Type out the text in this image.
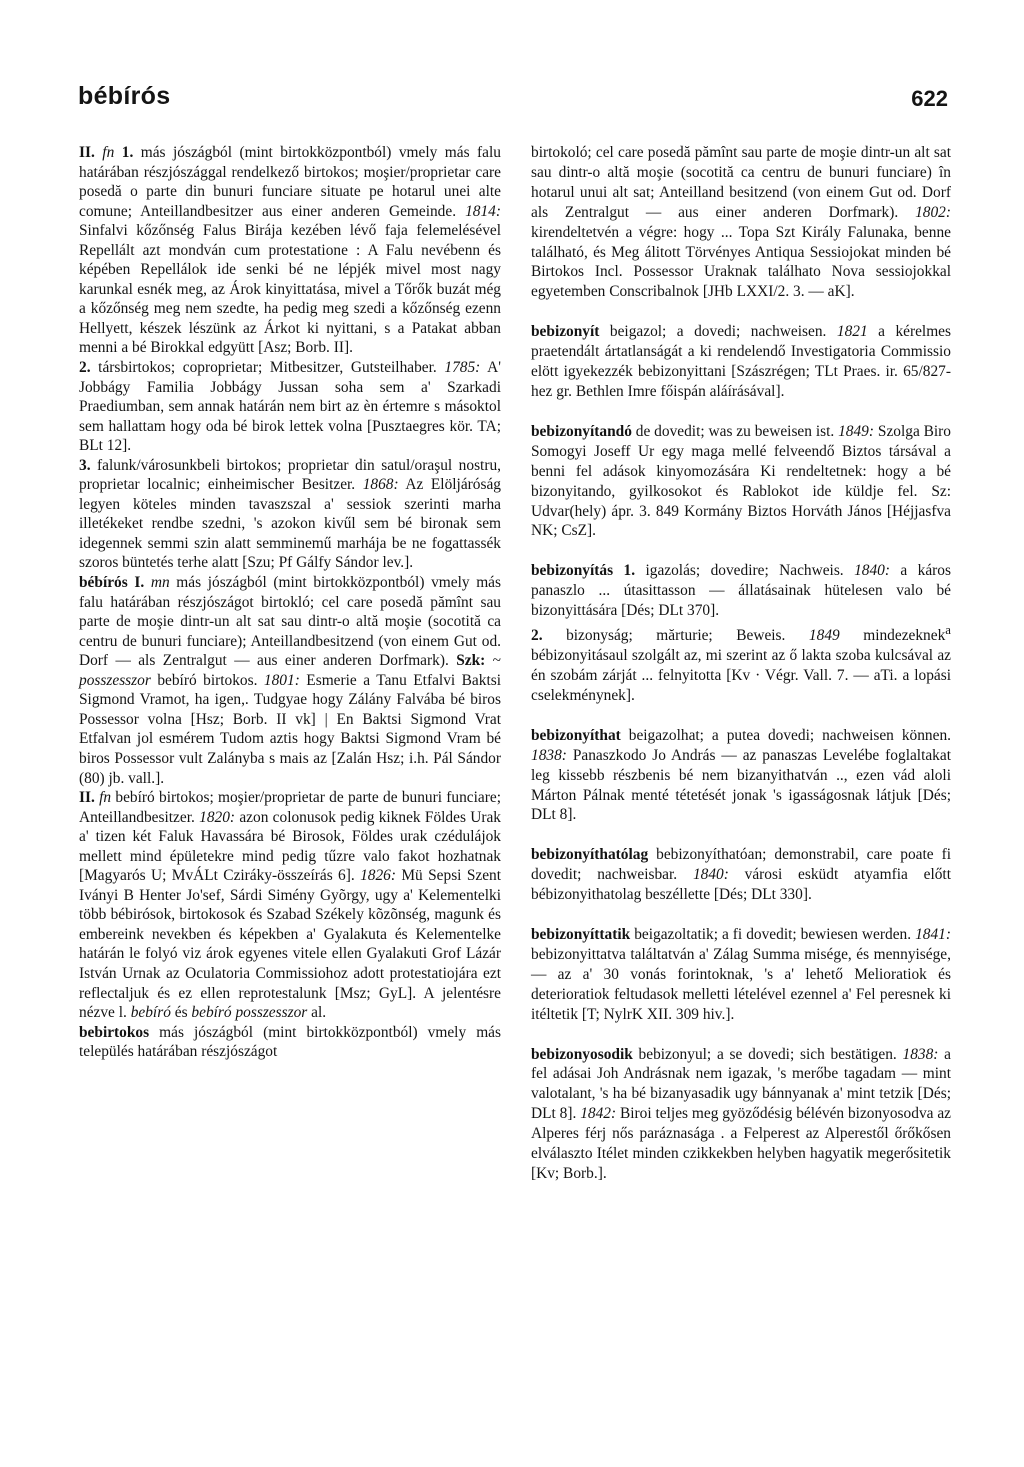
bébírós	622

II. fn 1. más jószágból (mint birtokközpontból) vmely más falu határában részjószággal rendelkező birtokos; moşier/proprietar care posedă o parte din bunuri funciare situate pe hotarul unei alte comune; Anteillandbesitzer aus einer anderen Gemeinde. 1814: Sinfalvi kőzőnség Falus Birája kezében lévő faja felemelésével Repellált azt mondván cum protestatione : A Falu nevébenn és képében Repellálok ide senki bé ne lépjék mivel most nagy karunkal esnék meg, az Árok kinyittatása, mivel a Tőrők buzát még a kőzőnség meg nem szedte, ha pedig meg szedi a kőzőnség ezenn Hellyett, készek lészünk az Árkot ki nyittani, s a Patakat abban menni a bé Birokkal edgyütt [Asz; Borb. II].

2. társbirtokos; coproprietar; Mitbesitzer, Gutsteilhaber. 1785: A' Jobbágy Familia Jobbágy Jussan soha sem a' Szarkadi Praediumban, sem annak határán nem birt az èn értemre s másoktol sem hallattam hogy oda bé birok lettek volna [Pusztaegres kör. TA; BLt 12].

3. falunk/városunkbeli birtokos; proprietar din satul/oraşul nostru, proprietar localnic; einheimischer Besitzer. 1868: Az Elöljáróság legyen köteles minden tavaszszal a' sessiok szerinti marha illetékeket rendbe szedni, 's azokon kivűl sem bé bironak sem idegennek semmi szin alatt semminemű marhája be ne fogattassék szoros büntetés terhe alatt [Szu; Pf Gálfy Sándor lev.].

bébírós I. mn más jószágból (mint birtokközpontból) vmely más falu határában részjószágot birtokló; cel care posedă pămînt sau parte de moşie dintr-un alt sat sau dintr-o altă moşie (socotită ca centru de bunuri funciare); Anteillandbesitzend (von einem Gut od. Dorf — als Zentralgut — aus einer anderen Dorfmark). Szk: ~ posszesszor bebíró birtokos. 1801: Esmerie a Tanu Etfalvi Baktsi Sigmond Vramot, ha igen,. Tudgyae hogy Zálány Falvába bé biros Possessor volna [Hsz; Borb. II vk] | En Baktsi Sigmond Vrat Etfalvan jol esmérem Tudom aztis hogy Baktsi Sigmond Vram bé biros Possessor vult Zalányba s mais az [Zalán Hsz; i.h. Pál Sándor (80) jb. vall.].

II. fn bebíró birtokos; moşier/proprietar de parte de bunuri funciare; Anteillandbesitzer. 1820: azon colonusok pedig kiknek Földes Urak a' tizen két Faluk Havassára bé Birosok, Földes urak czédulájok mellett mind épületekre mind pedig tűzre valo fakot hozhatnak [Magyarós U; MvÁLt Cziráky-összeírás 6]. 1826: Mü Sepsi Szent Iványi B Henter Jo'sef, Sárdi Simény Gyõrgy, ugy a' Kelementelki több bébirósok, birtokosok és Szabad Székely kõzõnség, magunk és embereink nevekben és képekben a' Gyalakuta és Kelementelke határán le folyó viz árok egyenes vitele ellen Gyalakuti Grof Lázár István Urnak az Oculatoria Commissiohoz adott protestatiojára ezt reflectaljuk és ez ellen reprotestalunk [Msz; GyL]. A jelentésre nézve l. bebíró és bebíró posszesszor al.

bebirtokos más jószágból (mint birtokközpontból) vmely más település határában részjószágot

birtokoló; cel care posedă pămînt sau parte de moşie dintr-un alt sat sau dintr-o altă moşie (socotită ca centru de bunuri funciare) în hotarul unui alt sat; Anteilland besitzend (von einem Gut od. Dorf als Zentralgut — aus einer anderen Dorfmark). 1802: kirendeltetvén a végre: hogy ... Topa Szt Király Falunaka, benne található, és Meg álitott Törvényes Antiqua Sessiojokat minden bé Birtokos Incl. Possessor Uraknak találhato Nova sessiojokkal egyetemben Conscribalnok [JHb LXXI/2. 3. — aK].

bebizonyít beigazol; a dovedi; nachweisen. 1821 a kérelmes praetendált ártatlanságát a ki rendelendő Investigatoria Commissio elött igyekezzék bebizonyittani [Szászrégen; TLt Praes. ir. 65/827-hez gr. Bethlen Imre főispán aláírásával].

bebizonyítandó de dovedit; was zu beweisen ist. 1849: Szolga Biro Somogyi Joseff Ur egy maga mellé felveendő Biztos társával a benni fel adások kinyomozására Ki rendeltetnek: hogy a bé bizonyitando, gyilkosokot és Rablokot ide küldje fel. Sz: Udvar(hely) ápr. 3. 849 Kormány Biztos Horváth János [Héjjasfva NK; CsZ].

bebizonyítás 1. igazolás; dovedire; Nachweis. 1840: a káros panaszlo ... útasittasson — állatásainak hütelesen valo bé bizonyittására [Dés; DLt 370].

2. bizonyság; mărturie; Beweis. 1849 mindezeknek$^a$ bébizonyitásaul szolgált az, mi szerint az ő lakta szoba kulcsával az én szobám zárját ... felnyitotta [Kv · Végr. Vall. 7. — aTi. a lopási cselekménynek].

bebizonyíthat beigazolhat; a putea dovedi; nachweisen können. 1838: Panaszkodo Jo András — az panaszas Levelébe foglaltakat leg kissebb részbenis bé nem bizanyithatván .., ezen vád aloli Márton Pálnak menté tétetését jonak 's igasságosnak látjuk [Dés; DLt 8].

bebizonyíthatólag bebizonyíthatóan; demonstrabil, care poate fi dovedit; nachweisbar. 1840: városi esküdt atyamfia előtt bébizonyithatolag beszéllette [Dés; DLt 330].

bebizonyíttatik beigazoltatik; a fi dovedit; bewiesen werden. 1841: bebizonyittatva találtatván a' Zálag Summa misége, és mennyisége, — az a' 30 vonás forintoknak, 's a' lehető Melioratiok és deterioratiok feltudasok melletti lételével ezennel a' Fel peresnek ki itéltetik [T; NylrK XII. 309 hiv.].

bebizonyosodik bebizonyul; a se dovedi; sich bestätigen. 1838: a fel adásai Joh Andrásnak nem igazak, 's merőbe tagadam — mint valotalant, 's ha bé bizanyasadik ugy bánnyanak a' mint tetzik [Dés; DLt 8]. 1842: Biroi teljes meg gyöződésig bélévén bizonyosodva az Alperes férj nős paráznasága . a Felperest az Alperestől őrőkősen elválaszto Itélet minden czikkekben helyben hagyatik megerősitetik [Kv; Borb.].
